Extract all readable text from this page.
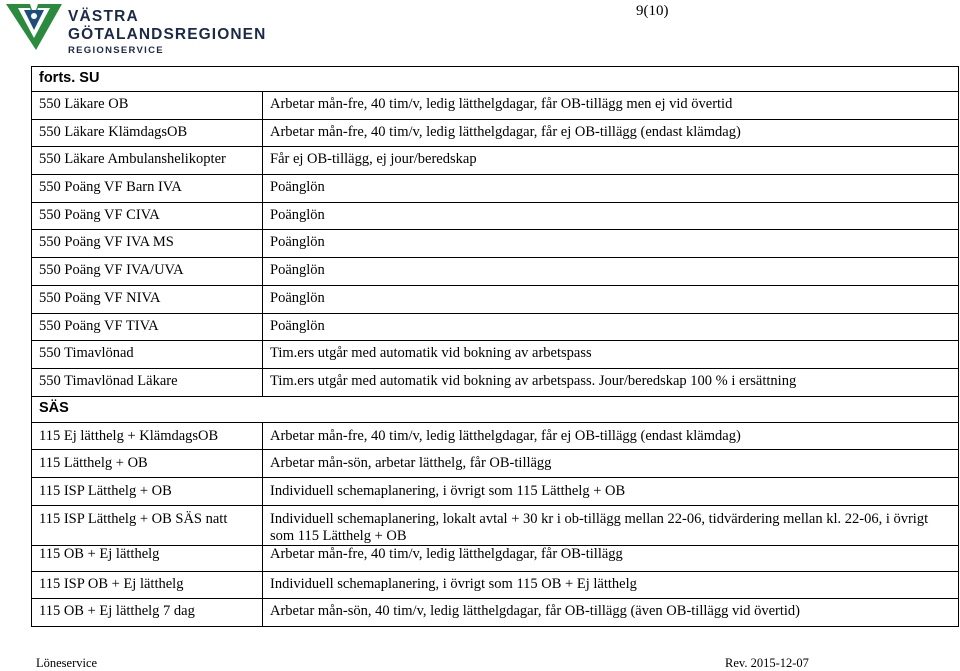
VÄSTRA
GÖTALANDSREGIONEN
REGIONSERVICE
9(10)
forts. SU	
550 Läkare OB	Arbetar mån-fre, 40 tim/v, ledig lätthelgdagar, får OB-tillägg men ej vid övertid
550 Läkare KlämdagsOB	Arbetar mån-fre, 40 tim/v, ledig lätthelgdagar, får ej OB-tillägg (endast klämdag)
550 Läkare Ambulanshelikopter	Får ej OB-tillägg, ej jour/beredskap
550 Poäng VF Barn IVA	Poänglön
550 Poäng VF CIVA	Poänglön
550 Poäng VF IVA MS	Poänglön
550 Poäng VF IVA/UVA	Poänglön
550 Poäng VF NIVA	Poänglön
550 Poäng VF TIVA	Poänglön
550 Timavlönad	Tim.ers utgår med automatik vid bokning av arbetspass
550 Timavlönad Läkare	Tim.ers utgår med automatik vid bokning av arbetspass. Jour/beredskap 100 % i ersättning
SÄS	
115 Ej lätthelg + KlämdagsOB	Arbetar mån-fre, 40 tim/v, ledig lätthelgdagar, får ej OB-tillägg (endast klämdag)
115 Lätthelg + OB	Arbetar mån-sön, arbetar lätthelg, får OB-tillägg
115 ISP Lätthelg + OB	Individuell schemaplanering, i övrigt som 115 Lätthelg + OB
115 ISP Lätthelg + OB SÄS natt	Individuell schemaplanering, lokalt avtal + 30 kr i ob-tillägg mellan 22-06, tidvärdering mellan kl. 22-06, i övrigt som 115 Lätthelg + OB
115 OB + Ej lätthelg	Arbetar mån-fre, 40 tim/v, ledig lätthelgdagar, får OB-tillägg
115 ISP OB + Ej lätthelg	Individuell schemaplanering, i övrigt som 115 OB + Ej lätthelg
115 OB + Ej lätthelg 7 dag	Arbetar mån-sön, 40 tim/v, ledig lätthelgdagar, får OB-tillägg (även OB-tillägg vid övertid)
Löneservice	Rev. 2015-12-07
